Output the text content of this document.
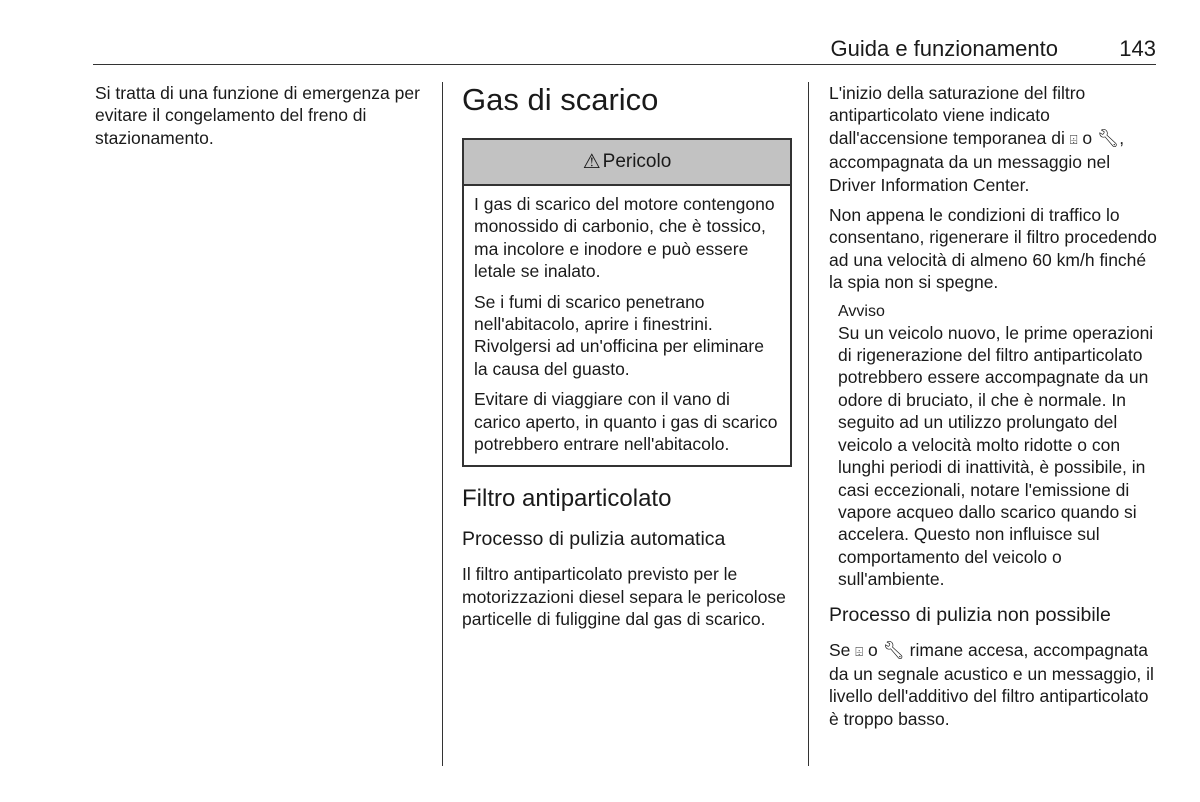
Guida e funzionamento	143

Si tratta di una funzione di emergenza per evitare il congelamento del freno di stazionamento.

Gas di scarico
⚠ Pericolo

I gas di scarico del motore contengono monossido di carbonio, che è tossico, ma incolore e inodore e può essere letale se inalato.

Se i fumi di scarico penetrano nell'abitacolo, aprire i finestrini. Rivolgersi ad un'officina per eliminare la causa del guasto.

Evitare di viaggiare con il vano di carico aperto, in quanto i gas di scarico potrebbero entrare nell'abitacolo.

Filtro antiparticolato
Processo di pulizia automatica

Il filtro antiparticolato previsto per le motorizzazioni diesel separa le pericolose particelle di fuliggine dal gas di scarico.

L'inizio della saturazione del filtro antiparticolato viene indicato dall'accensione temporanea di ⌹ o 🔧︎, accompagnata da un messaggio nel Driver Information Center.

Non appena le condizioni di traffico lo consentano, rigenerare il filtro procedendo ad una velocità di almeno 60 km/h finché la spia non si spegne.

Avviso
Su un veicolo nuovo, le prime operazioni di rigenerazione del filtro antiparticolato potrebbero essere accompagnate da un odore di bruciato, il che è normale. In seguito ad un utilizzo prolungato del veicolo a velocità molto ridotte o con lunghi periodi di inattività, è possibile, in casi eccezionali, notare l'emissione di vapore acqueo dallo scarico quando si accelera. Questo non influisce sul comportamento del veicolo o sull'ambiente.
Processo di pulizia non possibile

Se ⌹ o 🔧︎ rimane accesa, accompagnata da un segnale acustico e un messaggio, il livello dell'additivo del filtro antiparticolato è troppo basso.
